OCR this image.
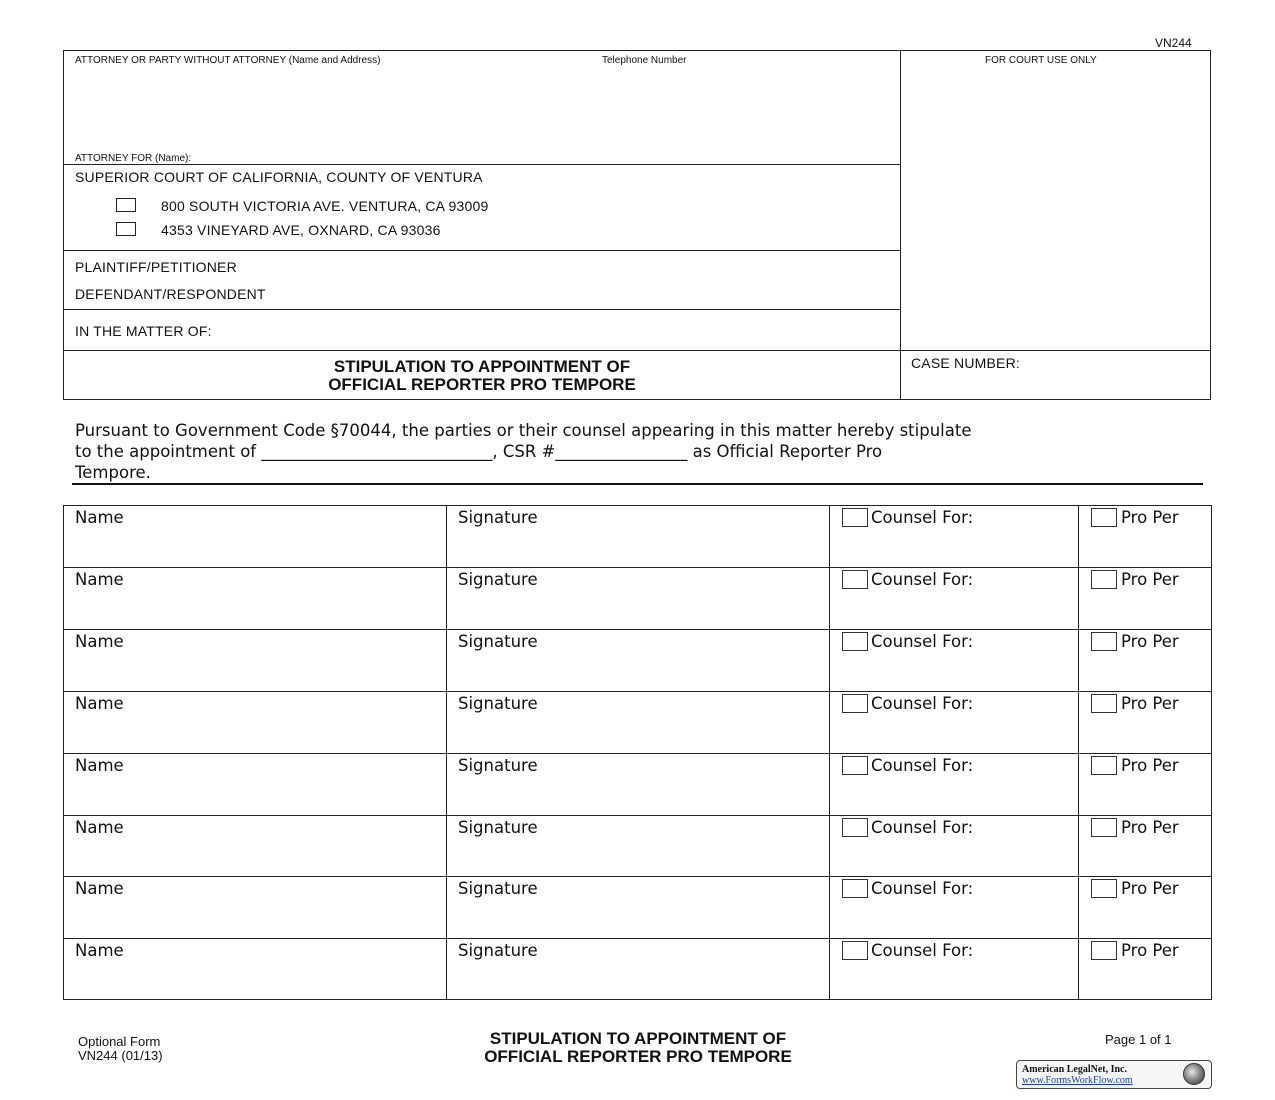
VN244
ATTORNEY OR PARTY WITHOUT ATTORNEY (Name and Address)	Telephone Number	FOR COURT USE ONLY
ATTORNEY FOR (Name):
SUPERIOR COURT OF CALIFORNIA, COUNTY OF VENTURA
800 SOUTH VICTORIA AVE. VENTURA, CA 93009
4353 VINEYARD AVE, OXNARD, CA 93036
PLAINTIFF/PETITIONER
DEFENDANT/RESPONDENT
IN THE MATTER OF:
STIPULATION TO APPOINTMENT OF
OFFICIAL REPORTER PRO TEMPORE
CASE NUMBER:
Pursuant to Government Code §70044, the parties or their counsel appearing in this matter hereby stipulate
to the appointment of ____________________________, CSR #________________ as Official Reporter Pro
Tempore.
Name	Signature	Counsel For:	Pro Per
Name	Signature	Counsel For:	Pro Per
Name	Signature	Counsel For:	Pro Per
Name	Signature	Counsel For:	Pro Per
Name	Signature	Counsel For:	Pro Per
Name	Signature	Counsel For:	Pro Per
Name	Signature	Counsel For:	Pro Per
Name	Signature	Counsel For:	Pro Per
Optional Form
VN244 (01/13)
STIPULATION TO APPOINTMENT OF
OFFICIAL REPORTER PRO TEMPORE
Page 1 of 1
American LegalNet, Inc.
www.FormsWorkFlow.com
